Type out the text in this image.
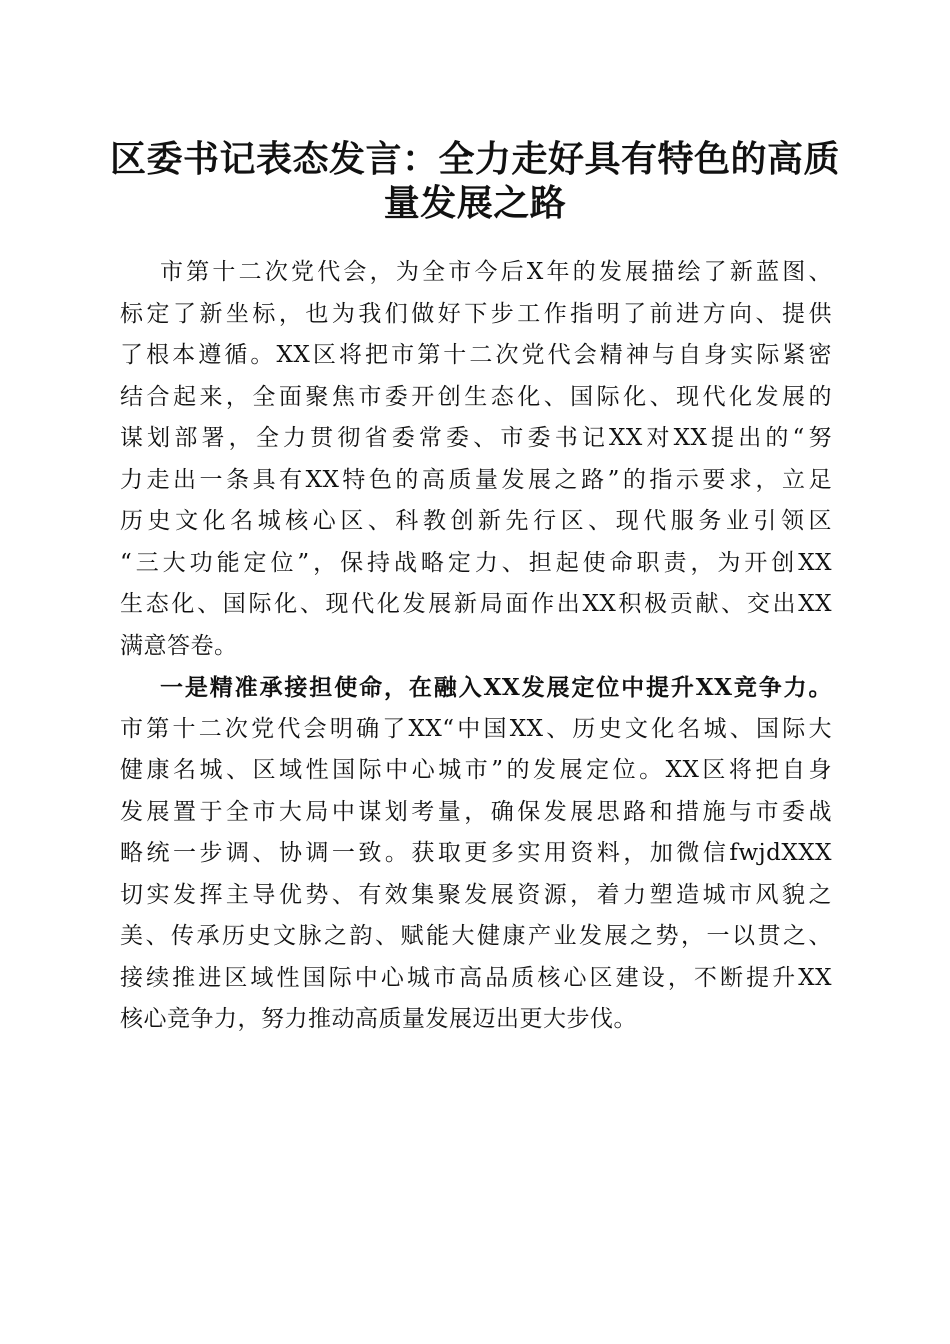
区委书记表态发言：全力走好具有特色的高质
量发展之路
市第十二次党代会，为全市今后X年的发展描绘了新蓝图、
标定了新坐标，也为我们做好下步工作指明了前进方向、提供
了根本遵循。XX区将把市第十二次党代会精神与自身实际紧密
结合起来，全面聚焦市委开创生态化、国际化、现代化发展的
谋划部署，全力贯彻省委常委、市委书记XX对XX提出的“努
力走出一条具有XX特色的高质量发展之路”的指示要求，立足
历史文化名城核心区、科教创新先行区、现代服务业引领区
“三大功能定位”，保持战略定力、担起使命职责，为开创XX
生态化、国际化、现代化发展新局面作出XX积极贡献、交出XX
满意答卷。
一是精准承接担使命，在融入XX发展定位中提升XX竞争力。
市第十二次党代会明确了XX“中国XX、历史文化名城、国际大
健康名城、区域性国际中心城市”的发展定位。XX区将把自身
发展置于全市大局中谋划考量，确保发展思路和措施与市委战
略统一步调、协调一致。获取更多实用资料，加微信fwjdXXX
切实发挥主导优势、有效集聚发展资源，着力塑造城市风貌之
美、传承历史文脉之韵、赋能大健康产业发展之势，一以贯之、
接续推进区域性国际中心城市高品质核心区建设，不断提升XX
核心竞争力，努力推动高质量发展迈出更大步伐。
